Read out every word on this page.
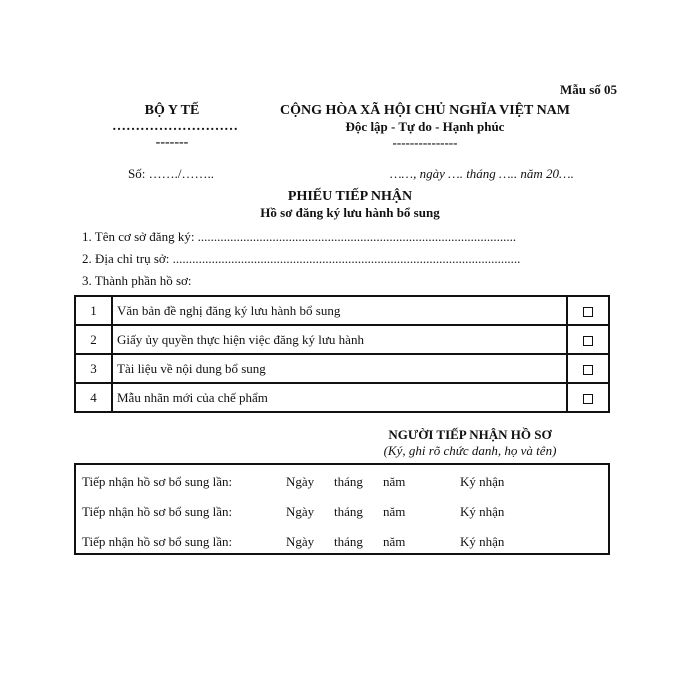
Mẫu số 05
BỘ Y TẾ
………………………
-------
CỘNG HÒA XÃ HỘI CHỦ NGHĨA VIỆT NAM
Độc lập - Tự do - Hạnh phúc
---------------
Số: ……./……..	……, ngày …. tháng ….. năm 20….
PHIẾU TIẾP NHẬN
Hồ sơ đăng ký lưu hành bổ sung
1. Tên cơ sở đăng ký: ..................................................................................................
2. Địa chỉ trụ sở: ...........................................................................................................
3. Thành phần hồ sơ:
1	Văn bản đề nghị đăng ký lưu hành bổ sung	
2	Giấy ủy quyền thực hiện việc đăng ký lưu hành	
3	Tài liệu về nội dung bổ sung	
4	Mẫu nhãn mới của chế phẩm	
NGƯỜI TIẾP NHẬN HỒ SƠ
(Ký, ghi rõ chức danh, họ và tên)
Tiếp nhận hồ sơ bổ sung lần:	Ngày tháng năm	Ký nhận
Tiếp nhận hồ sơ bổ sung lần:	Ngày tháng năm	Ký nhận
Tiếp nhận hồ sơ bổ sung lần:	Ngày tháng năm	Ký nhận
